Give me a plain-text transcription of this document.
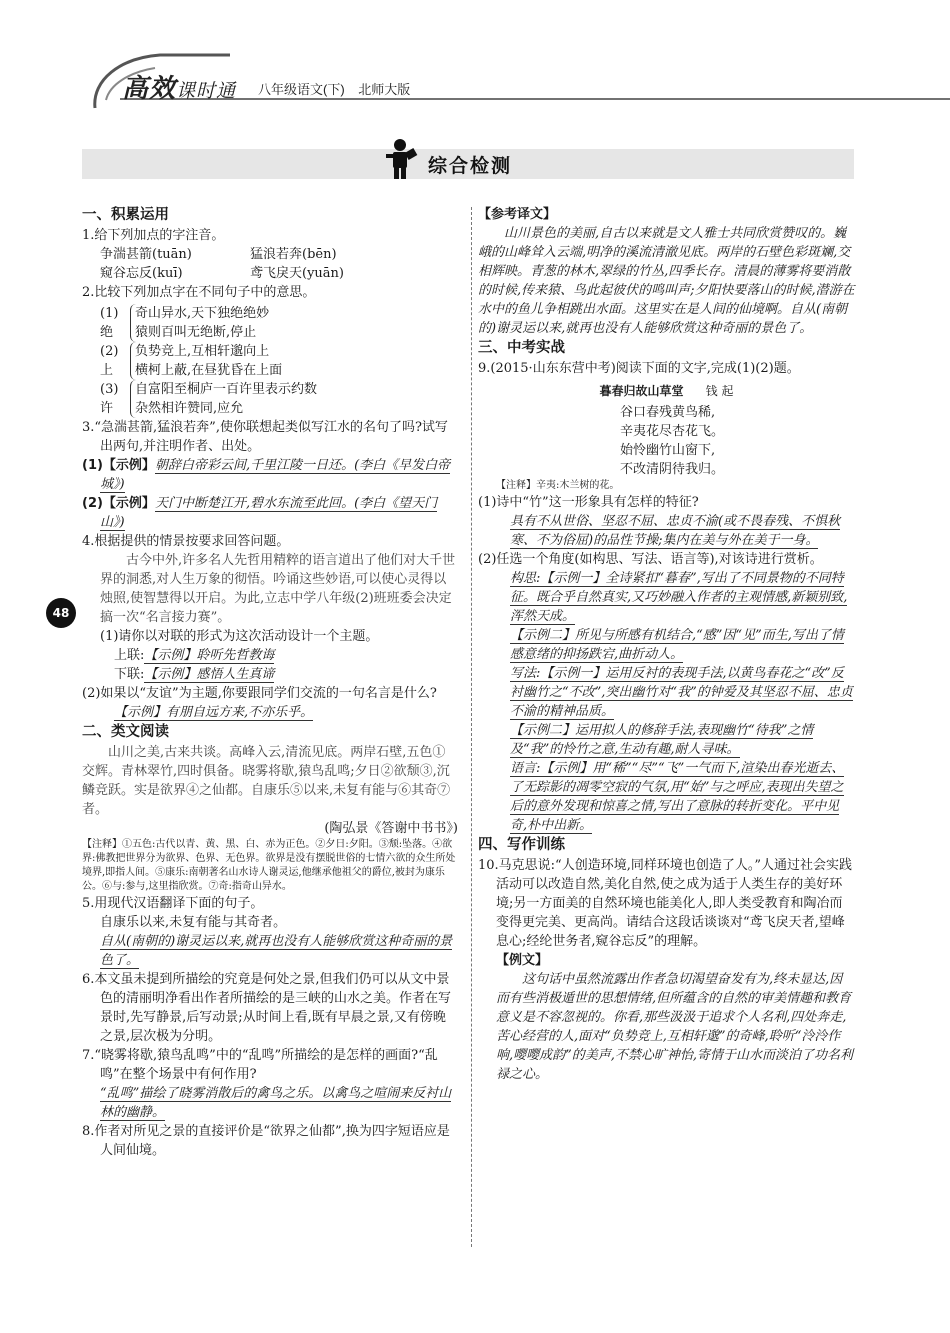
高效课时通 八年级语文(下) 北师大版
综合检测
48

一、积累运用

1.给下列加点的字注音。

争湍甚箭(tuān)	猛浪若奔(bēn)
窥谷忘反(kuī)	鸢飞戾天(yuān)

2.比较下列加点字在不同句子中的意思。

(1)绝
奇山异水,天下独绝绝妙
猿则百叫无绝断,停止
(2)上
负势竞上,互相轩邈向上
横柯上蔽,在昼犹昏在上面
(3)许
自富阳至桐庐一百许里表示约数
杂然相许赞同,应允

3.“急湍甚箭,猛浪若奔”,使你联想起类似写江水的名句了吗?试写出两句,并注明作者、出处。

(1)【示例】朝辞白帝彩云间,千里江陵一日还。(李白《早发白帝城》)

(2)【示例】天门中断楚江开,碧水东流至此回。(李白《望天门山》)

4.根据提供的情景按要求回答问题。

古今中外,许多名人先哲用精粹的语言道出了他们对大千世界的洞悉,对人生万象的彻悟。吟诵这些妙语,可以使心灵得以烛照,使智慧得以开启。为此,立志中学八年级(2)班班委会决定搞一次“名言接力赛”。

(1)请你以对联的形式为这次活动设计一个主题。

上联:【示例】聆听先哲教诲

下联:【示例】感悟人生真谛

(2)如果以“友谊”为主题,你要跟同学们交流的一句名言是什么?

【示例】有朋自远方来,不亦乐乎。

二、类文阅读

山川之美,古来共谈。高峰入云,清流见底。两岸石壁,五色①交辉。青林翠竹,四时俱备。晓雾将歇,猿鸟乱鸣;夕日②欲颓③,沉鳞竞跃。实是欲界④之仙都。自康乐⑤以来,未复有能与⑥其奇⑦者。

(陶弘景《答谢中书书》)

【注释】①五色:古代以青、黄、黑、白、赤为正色。②夕日:夕阳。③颓:坠落。④欲界:佛教把世界分为欲界、色界、无色界。欲界是没有摆脱世俗的七情六欲的众生所处境界,即指人间。⑤康乐:南朝著名山水诗人谢灵运,他继承他祖父的爵位,被封为康乐公。⑥与:参与,这里指欣赏。⑦奇:指奇山异水。

5.用现代汉语翻译下面的句子。

自康乐以来,未复有能与其奇者。

自从(南朝的)谢灵运以来,就再也没有人能够欣赏这种奇丽的景色了。

6.本文虽未提到所描绘的究竟是何处之景,但我们仍可以从文中景色的清丽明净看出作者所描绘的是三峡的山水之美。作者在写景时,先写静景,后写动景;从时间上看,既有早晨之景,又有傍晚之景,层次极为分明。

7.“晓雾将歇,猿鸟乱鸣”中的“乱鸣”所描绘的是怎样的画面?“乱鸣”在整个场景中有何作用?

“乱鸣”描绘了晓雾消散后的禽鸟之乐。以禽鸟之喧闹来反衬山林的幽静。

8.作者对所见之景的直接评价是“欲界之仙都”,换为四字短语应是人间仙境。

【参考译文】

山川景色的美丽,自古以来就是文人雅士共同欣赏赞叹的。巍峨的山峰耸入云端,明净的溪流清澈见底。两岸的石壁色彩斑斓,交相辉映。青葱的林木,翠绿的竹丛,四季长存。清晨的薄雾将要消散的时候,传来猿、鸟此起彼伏的鸣叫声;夕阳快要落山的时候,潜游在水中的鱼儿争相跳出水面。这里实在是人间的仙境啊。自从(南朝的)谢灵运以来,就再也没有人能够欣赏这种奇丽的景色了。

三、中考实战

9.(2015·山东东营中考)阅读下面的文字,完成(1)(2)题。

暮春归故山草堂 钱 起
谷口春残黄鸟稀,
辛夷花尽杏花飞。
始怜幽竹山窗下,
不改清阴待我归。

【注释】辛夷:木兰树的花。

(1)诗中“竹”这一形象具有怎样的特征?

具有不从世俗、坚忍不屈、忠贞不渝(或不畏春残、不惧秋寒、不为俗屈)的品性节操;集内在美与外在美于一身。

(2)任选一个角度(如构思、写法、语言等),对该诗进行赏析。

构思:【示例一】全诗紧扣“暮春”,写出了不同景物的不同特征。既合乎自然真实,又巧妙融入作者的主观情感,新颖别致,浑然天成。

【示例二】所见与所感有机结合,“感”因“见”而生,写出了情感意绪的抑扬跌宕,曲折动人。

写法:【示例一】运用反衬的表现手法,以黄鸟春花之“改”反衬幽竹之“不改”,突出幽竹对“我”的钟爱及其坚忍不屈、忠贞不渝的精神品质。

【示例二】运用拟人的修辞手法,表现幽竹“待我”之情及“我”的怜竹之意,生动有趣,耐人寻味。

语言:【示例】用“稀”“尽”“飞”一气而下,渲染出春光逝去、了无踪影的凋零空寂的气氛,用“始”与之呼应,表现出失望之后的意外发现和惊喜之情,写出了意脉的转折变化。平中见奇,朴中出新。

四、写作训练

10.马克思说:“人创造环境,同样环境也创造了人。”人通过社会实践活动可以改造自然,美化自然,使之成为适于人类生存的美好环境;另一方面美的自然环境也能美化人,即人类受教育和陶冶而变得更完美、更高尚。请结合这段话谈谈对“鸢飞戾天者,望峰息心;经纶世务者,窥谷忘反”的理解。

【例文】

这句话中虽然流露出作者急切渴望奋发有为,终未显达,因而有些消极遁世的思想情绪,但所蕴含的自然的审美情趣和教育意义是不容忽视的。你看,那些汲汲于追求个人名利,四处奔走,苦心经营的人,面对“负势竞上,互相轩邈”的奇峰,聆听“泠泠作响,嘤嘤成韵”的美声,不禁心旷神怡,寄情于山水而淡泊了功名利禄之心。
